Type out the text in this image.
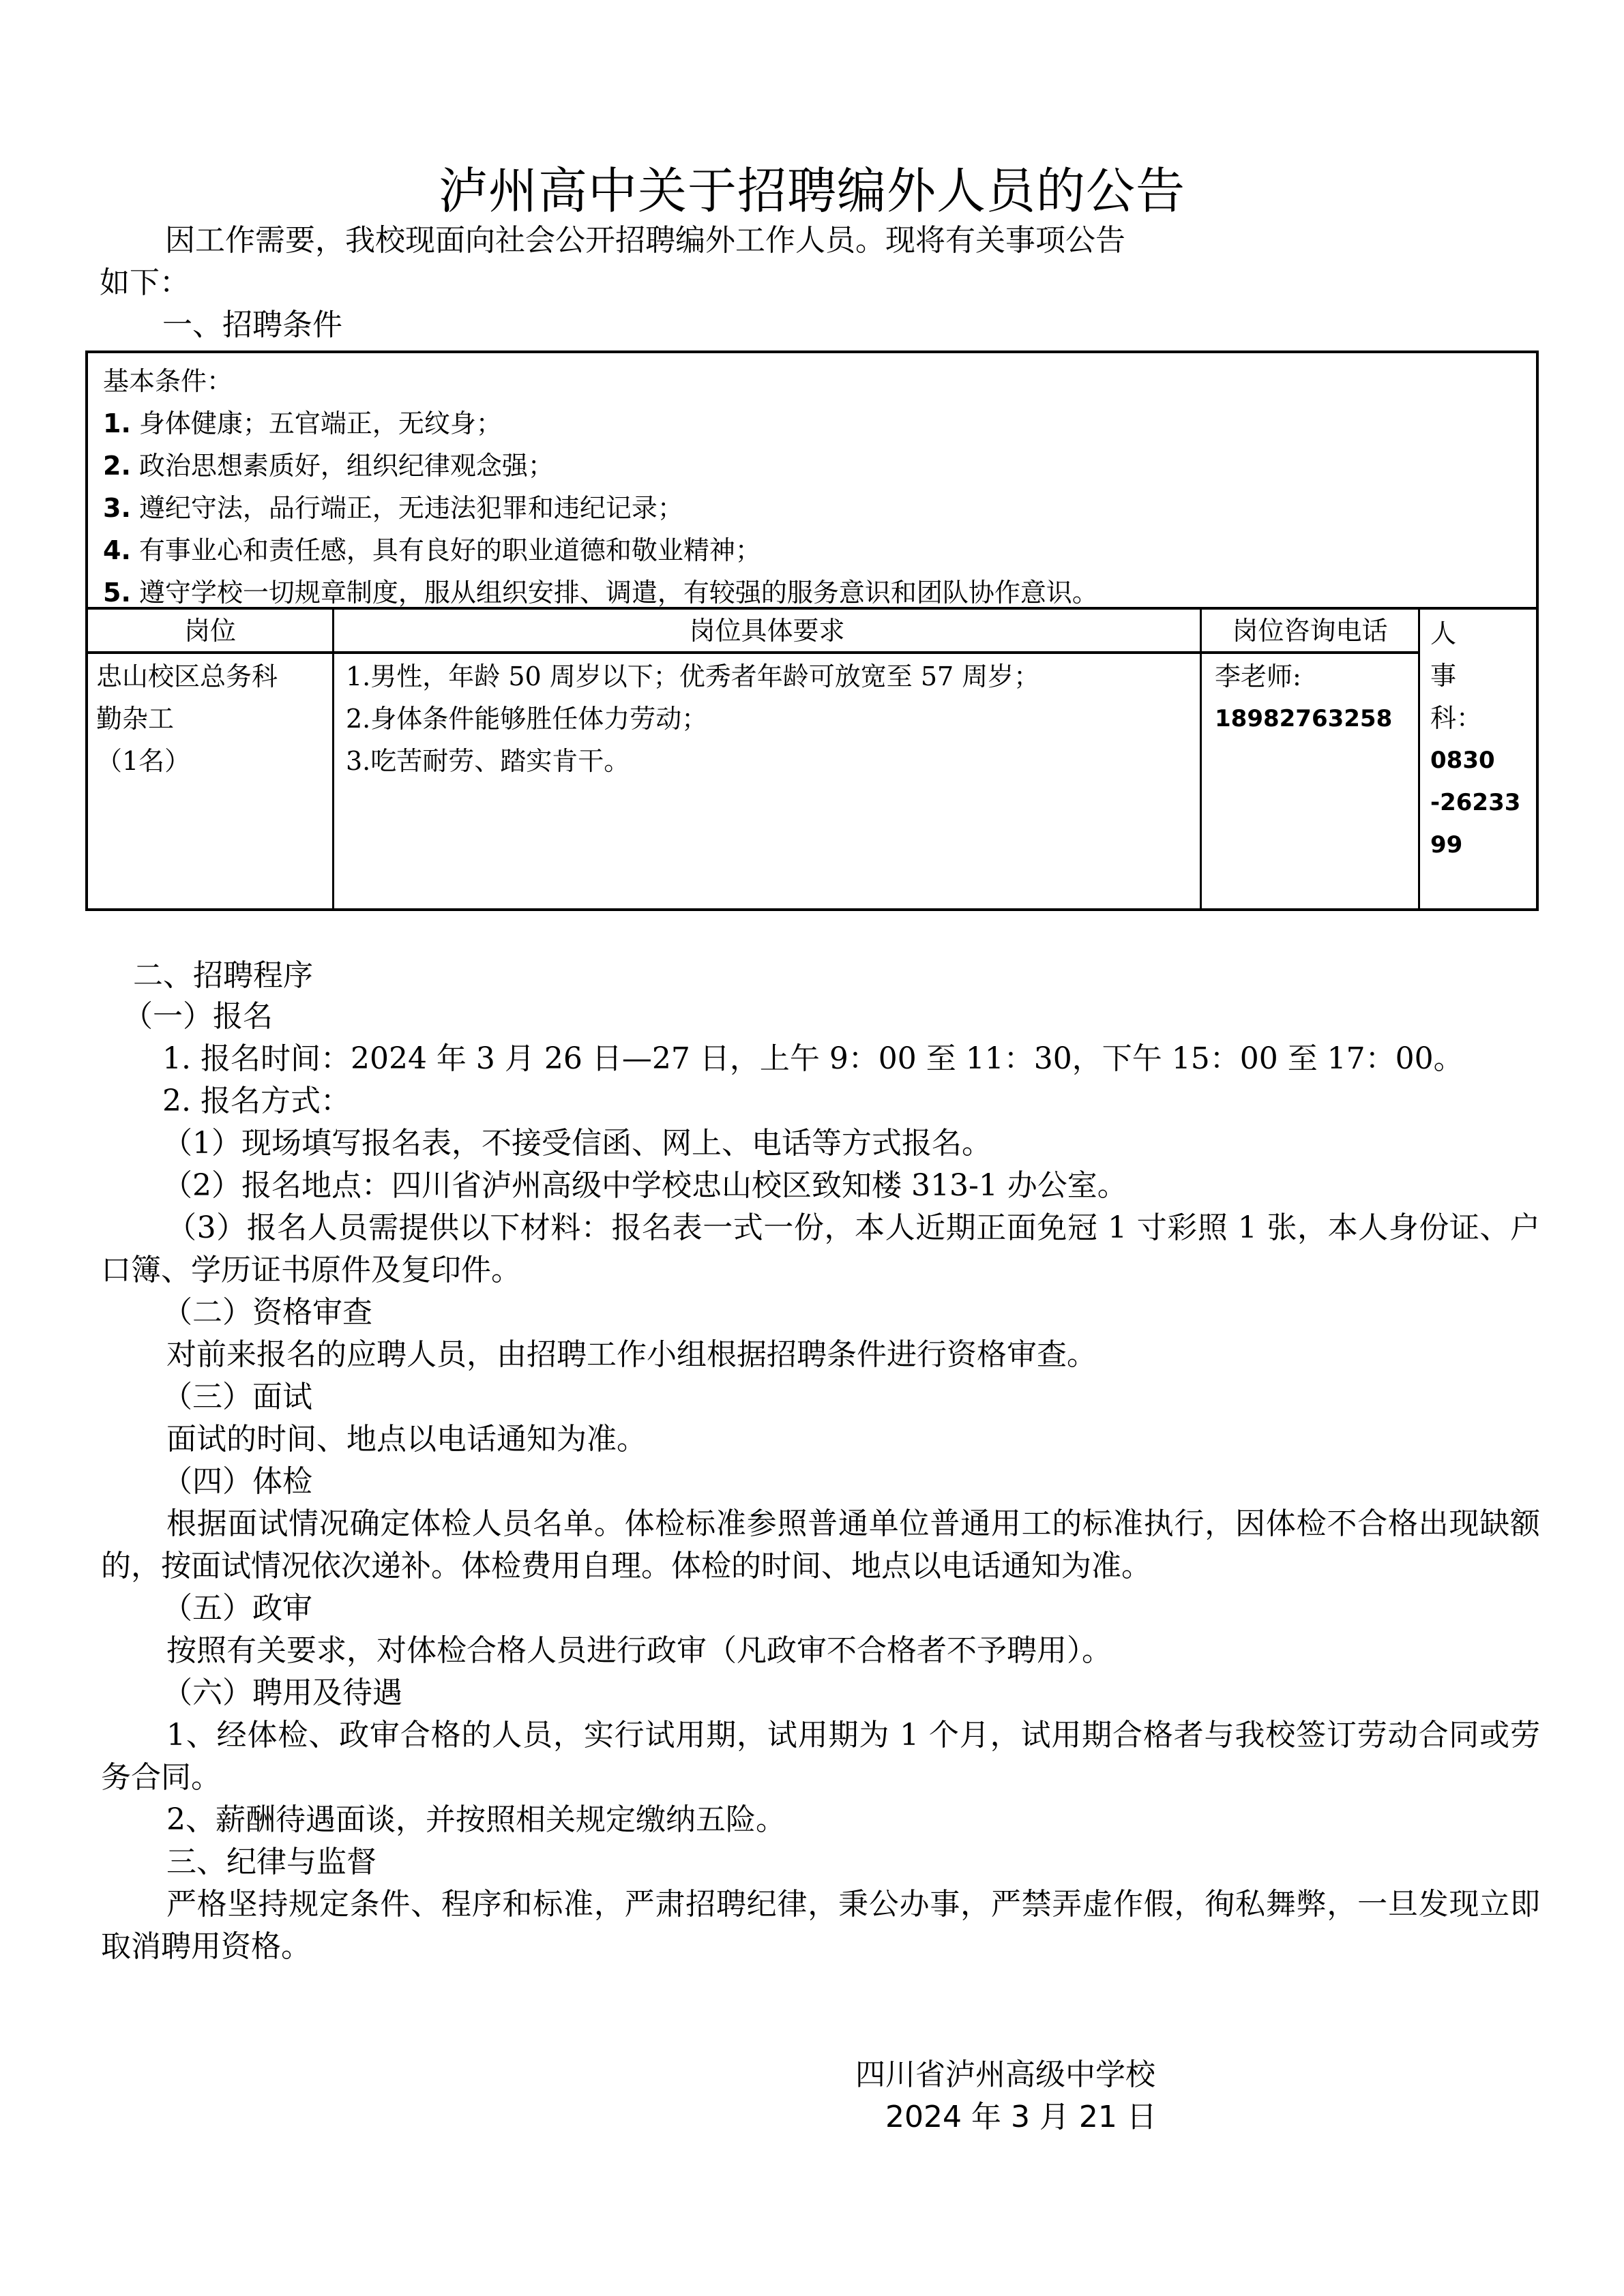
泸州高中关于招聘编外人员的公告
因工作需要，我校现面向社会公开招聘编外工作人员。现将有关事项公告
如下：
一、招聘条件
基本条件：
1. 身体健康；五官端正，无纹身；
2. 政治思想素质好，组织纪律观念强；
3. 遵纪守法，品行端正，无违法犯罪和违纪记录；
4. 有事业心和责任感，具有良好的职业道德和敬业精神；
5. 遵守学校一切规章制度，服从组织安排、调遣，有较强的服务意识和团队协作意识。
岗位	岗位具体要求	岗位咨询电话
忠山校区总务科
勤杂工
（1名）
1.男性，年龄 50 周岁以下；优秀者年龄可放宽至 57 周岁；
2.身体条件能够胜任体力劳动；
3.吃苦耐劳、踏实肯干。
李老师:
18982763258
人
事
科：
0830
-26233
99
二、招聘程序
（一）报名
1. 报名时间：2024 年 3 月 26 日—27 日，上午 9：00 至 11：30，下午 15：00 至 17：00。
2. 报名方式：
（1）现场填写报名表，不接受信函、网上、电话等方式报名。
（2）报名地点：四川省泸州高级中学校忠山校区致知楼 313-1 办公室。
（3）报名人员需提供以下材料：报名表一式一份，本人近期正面免冠 1 寸彩照 1 张，本人身份证、户口簿、学历证书原件及复印件。
（二）资格审查
对前来报名的应聘人员，由招聘工作小组根据招聘条件进行资格审查。
（三）面试
面试的时间、地点以电话通知为准。
（四）体检
根据面试情况确定体检人员名单。体检标准参照普通单位普通用工的标准执行，因体检不合格出现缺额的，按面试情况依次递补。体检费用自理。体检的时间、地点以电话通知为准。
（五）政审
按照有关要求，对体检合格人员进行政审（凡政审不合格者不予聘用）。
（六）聘用及待遇
1、经体检、政审合格的人员，实行试用期，试用期为 1 个月，试用期合格者与我校签订劳动合同或劳务合同。
2、薪酬待遇面谈，并按照相关规定缴纳五险。
三、纪律与监督
严格坚持规定条件、程序和标准，严肃招聘纪律，秉公办事，严禁弄虚作假，徇私舞弊，一旦发现立即取消聘用资格。
四川省泸州高级中学校
2024 年 3 月 21 日
